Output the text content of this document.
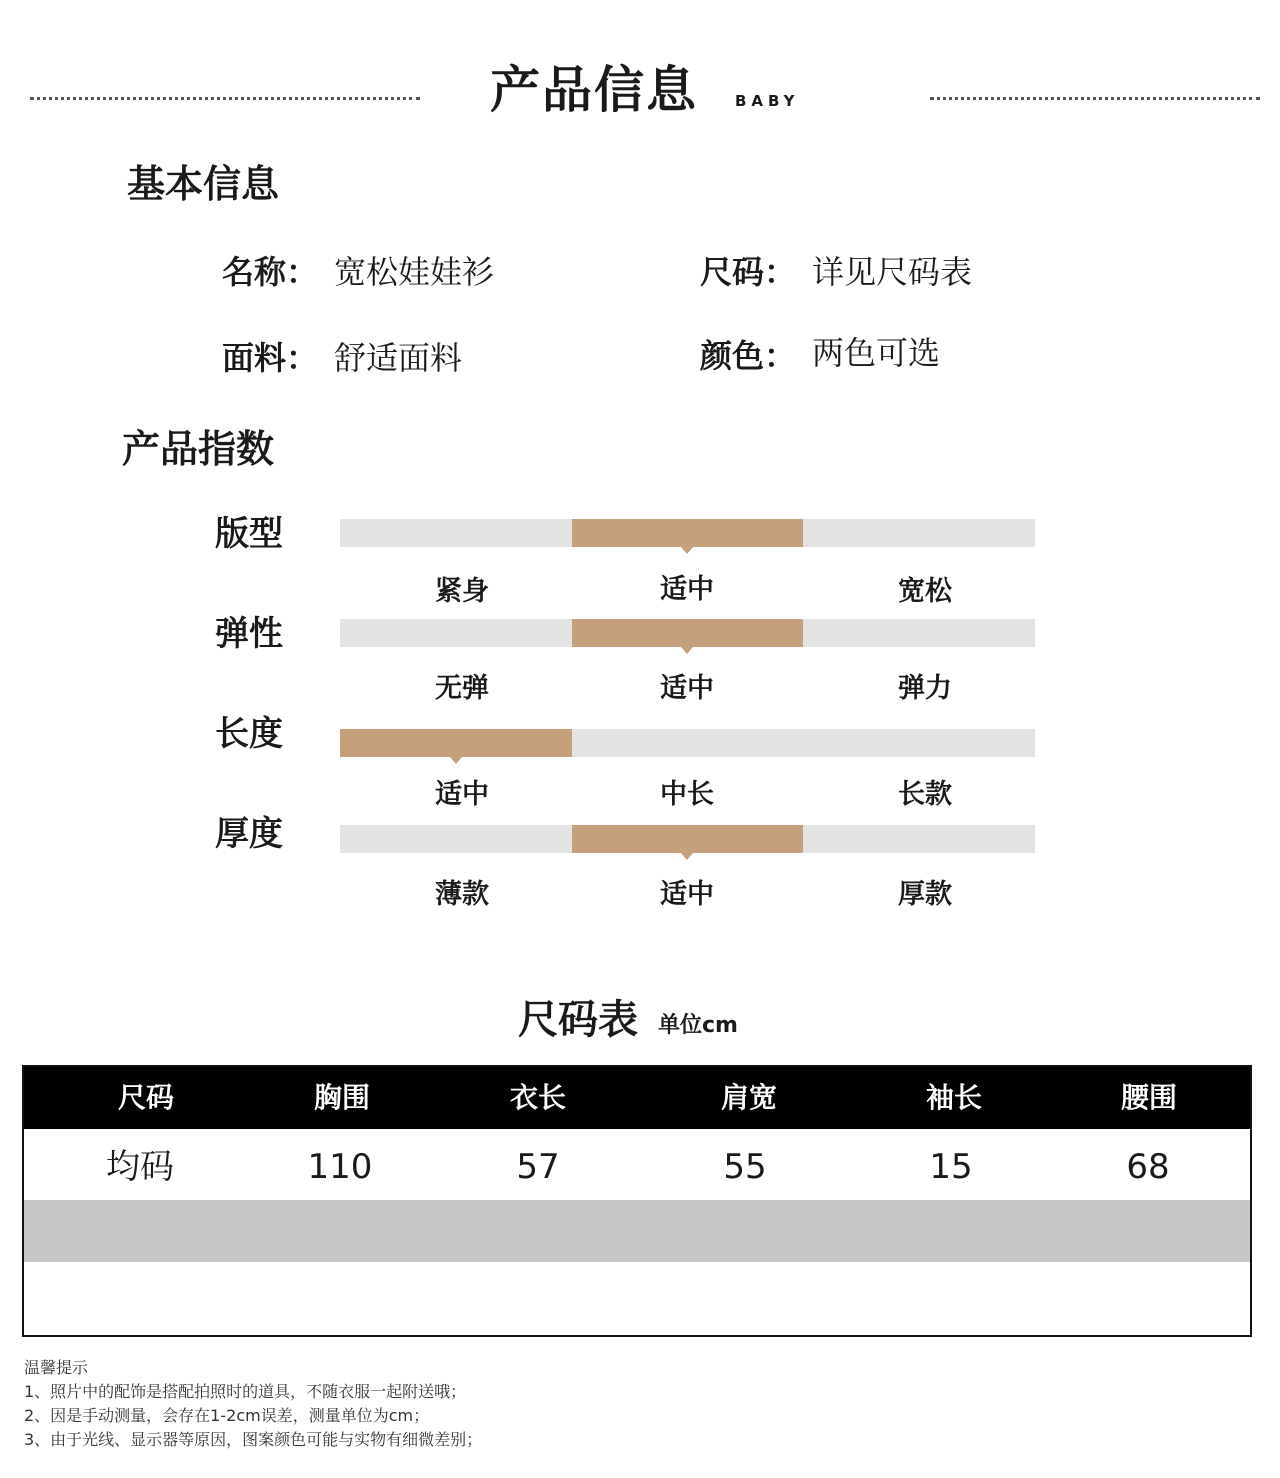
产品信息 BABY
基本信息
名称： 宽松娃娃衫	尺码： 详见尺码表
面料： 舒适面料	颜色： 两色可选
产品指数
版型
紧身	适中	宽松
弹性
无弹	适中	弹力
长度
适中	中长	长款
厚度
薄款	适中	厚款
尺码表 单位cm
尺码	胸围	衣长	肩宽	袖长	腰围
均码	110	57	55	15	68
温馨提示
1、照片中的配饰是搭配拍照时的道具，不随衣服一起附送哦；
2、因是手动测量，会存在1-2cm误差，测量单位为cm；
3、由于光线、显示器等原因，图案颜色可能与实物有细微差别；
